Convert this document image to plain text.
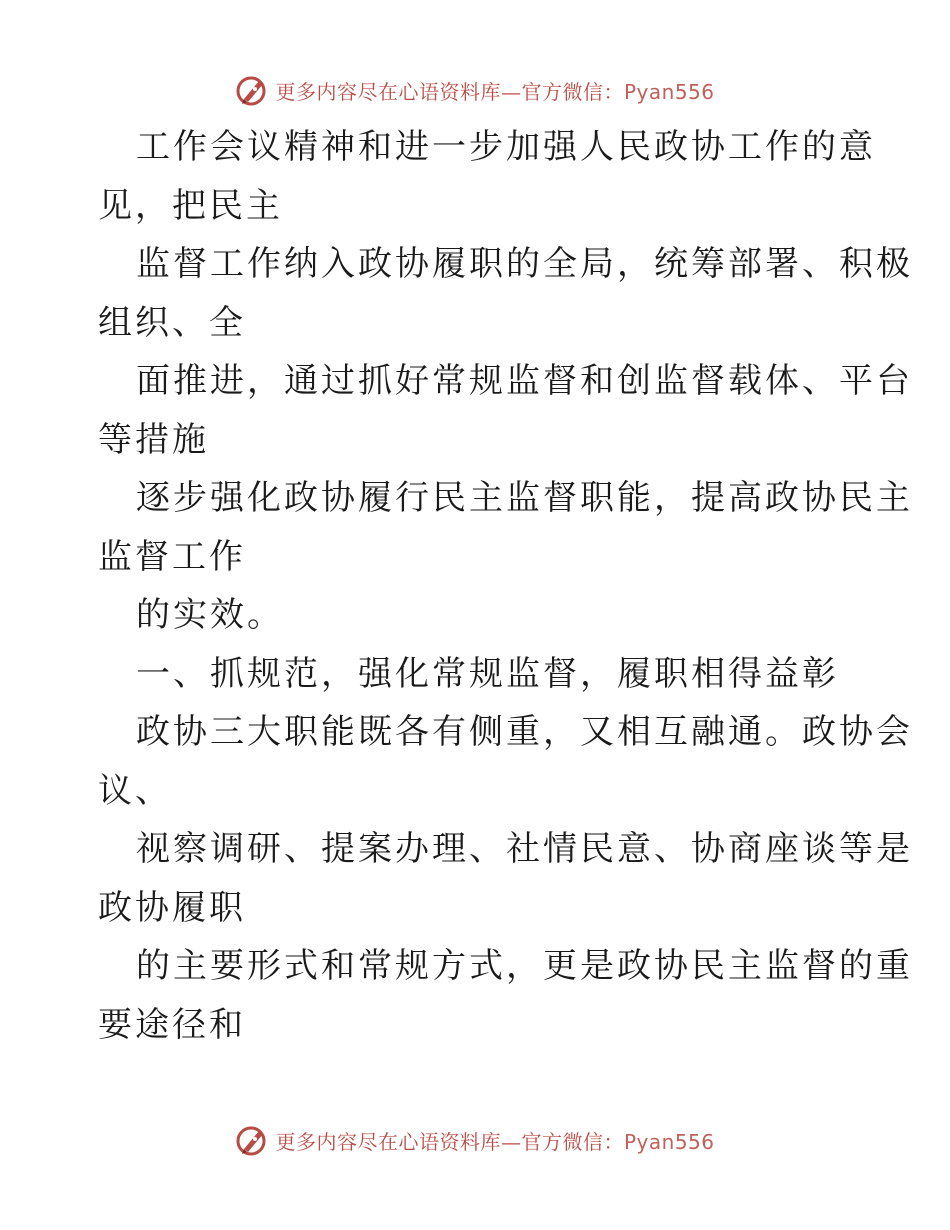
更多内容尽在心语资料库—官方微信：Pyan556
工作会议精神和进一步加强人民政协工作的意
见，把民主
监督工作纳入政协履职的全局，统筹部署、积极
组织、全
面推进，通过抓好常规监督和创监督载体、平台
等措施
逐步强化政协履行民主监督职能，提高政协民主
监督工作
的实效。
一、抓规范，强化常规监督，履职相得益彰
政协三大职能既各有侧重，又相互融通。政协会
议、
视察调研、提案办理、社情民意、协商座谈等是
政协履职
的主要形式和常规方式，更是政协民主监督的重
要途径和
更多内容尽在心语资料库—官方微信：Pyan556
